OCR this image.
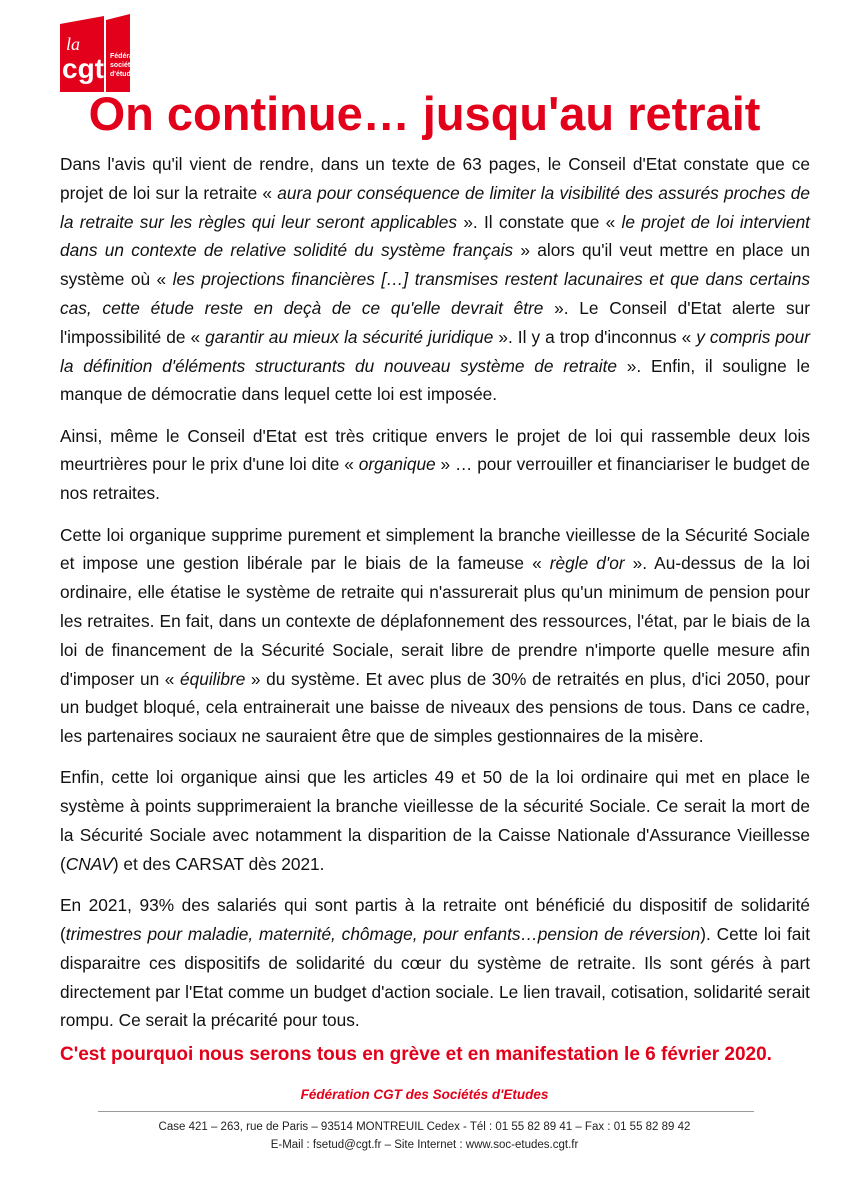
la
cgt Fédération
sociétés
d'études
On continue… jusqu'au retrait

Dans l'avis qu'il vient de rendre, dans un texte de 63 pages, le Conseil d'Etat constate que ce projet de loi sur la retraite « aura pour conséquence de limiter la visibilité des assurés proches de la retraite sur les règles qui leur seront applicables ». Il constate que « le projet de loi intervient dans un contexte de relative solidité du système français » alors qu'il veut mettre en place un système où « les projections financières […] transmises restent lacunaires et que dans certains cas, cette étude reste en deçà de ce qu'elle devrait être ». Le Conseil d'Etat alerte sur l'impossibilité de « garantir au mieux la sécurité juridique ». Il y a trop d'inconnus « y compris pour la définition d'éléments structurants du nouveau système de retraite ». Enfin, il souligne le manque de démocratie dans lequel cette loi est imposée.

Ainsi, même le Conseil d'Etat est très critique envers le projet de loi qui rassemble deux lois meurtrières pour le prix d'une loi dite « organique » … pour verrouiller et financiariser le budget de nos retraites.

Cette loi organique supprime purement et simplement la branche vieillesse de la Sécurité Sociale et impose une gestion libérale par le biais de la fameuse « règle d'or ». Au-dessus de la loi ordinaire, elle étatise le système de retraite qui n'assurerait plus qu'un minimum de pension pour les retraites. En fait, dans un contexte de déplafonnement des ressources, l'état, par le biais de la loi de financement de la Sécurité Sociale, serait libre de prendre n'importe quelle mesure afin d'imposer un « équilibre » du système. Et avec plus de 30% de retraités en plus, d'ici 2050, pour un budget bloqué, cela entrainerait une baisse de niveaux des pensions de tous. Dans ce cadre, les partenaires sociaux ne sauraient être que de simples gestionnaires de la misère.

Enfin, cette loi organique ainsi que les articles 49 et 50 de la loi ordinaire qui met en place le système à points supprimeraient la branche vieillesse de la sécurité Sociale. Ce serait la mort de la Sécurité Sociale avec notamment la disparition de la Caisse Nationale d'Assurance Vieillesse (CNAV) et des CARSAT dès 2021.

En 2021, 93% des salariés qui sont partis à la retraite ont bénéficié du dispositif de solidarité (trimestres pour maladie, maternité, chômage, pour enfants…pension de réversion). Cette loi fait disparaitre ces dispositifs de solidarité du cœur du système de retraite. Ils sont gérés à part directement par l'Etat comme un budget d'action sociale. Le lien travail, cotisation, solidarité serait rompu. Ce serait la précarité pour tous.

C'est pourquoi nous serons tous en grève et en manifestation le 6 février 2020.

Fédération CGT des Sociétés d'Etudes
Case 421 – 263, rue de Paris – 93514 MONTREUIL Cedex - Tél : 01 55 82 89 41 – Fax : 01 55 82 89 42
E-Mail : fsetud@cgt.fr – Site Internet : www.soc-etudes.cgt.fr
